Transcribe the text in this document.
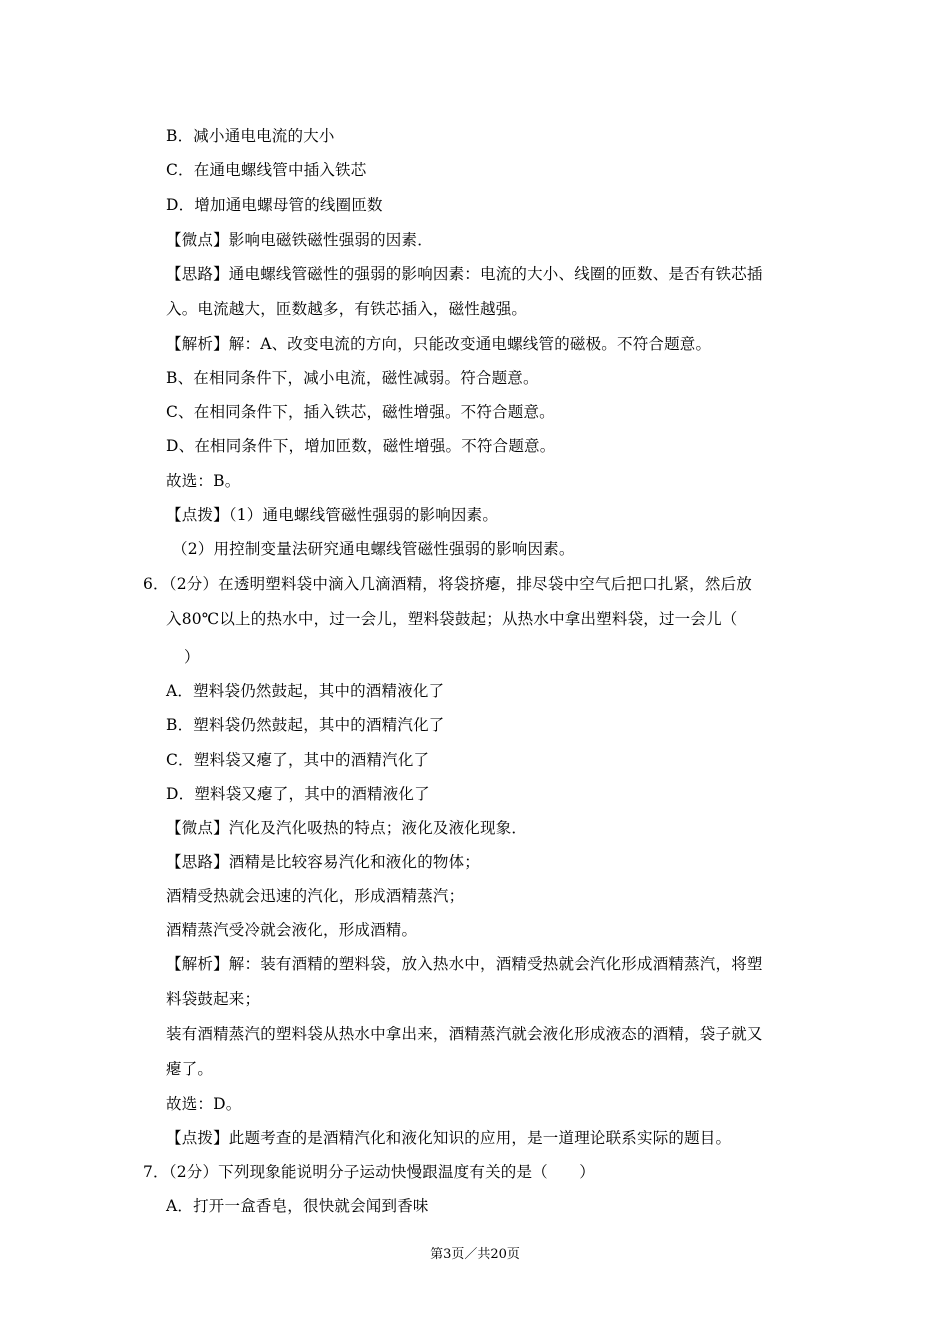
B．减小通电电流的大小
C．在通电螺线管中插入铁芯
D．增加通电螺母管的线圈匝数
【微点】影响电磁铁磁性强弱的因素．
【思路】通电螺线管磁性的强弱的影响因素：电流的大小、线圈的匝数、是否有铁芯插
入。电流越大，匝数越多，有铁芯插入，磁性越强。
【解析】解：A、改变电流的方向，只能改变通电螺线管的磁极。不符合题意。
B、在相同条件下，减小电流，磁性减弱。符合题意。
C、在相同条件下，插入铁芯，磁性增强。不符合题意。
D、在相同条件下，增加匝数，磁性增强。不符合题意。
故选：B。
【点拨】（1）通电螺线管磁性强弱的影响因素。
（2）用控制变量法研究通电螺线管磁性强弱的影响因素。
6．（2分）在透明塑料袋中滴入几滴酒精，将袋挤瘪，排尽袋中空气后把口扎紧，然后放
入80℃以上的热水中，过一会儿，塑料袋鼓起；从热水中拿出塑料袋，过一会儿（
）
A．塑料袋仍然鼓起，其中的酒精液化了
B．塑料袋仍然鼓起，其中的酒精汽化了
C．塑料袋又瘪了，其中的酒精汽化了
D．塑料袋又瘪了，其中的酒精液化了
【微点】汽化及汽化吸热的特点；液化及液化现象．
【思路】酒精是比较容易汽化和液化的物体；
酒精受热就会迅速的汽化，形成酒精蒸汽；
酒精蒸汽受冷就会液化，形成酒精。
【解析】解：装有酒精的塑料袋，放入热水中，酒精受热就会汽化形成酒精蒸汽，将塑
料袋鼓起来；
装有酒精蒸汽的塑料袋从热水中拿出来，酒精蒸汽就会液化形成液态的酒精，袋子就又
瘪了。
故选：D。
【点拨】此题考查的是酒精汽化和液化知识的应用，是一道理论联系实际的题目。
7．（2分）下列现象能说明分子运动快慢跟温度有关的是（　　）
A．打开一盒香皂，很快就会闻到香味
第3页／共20页
